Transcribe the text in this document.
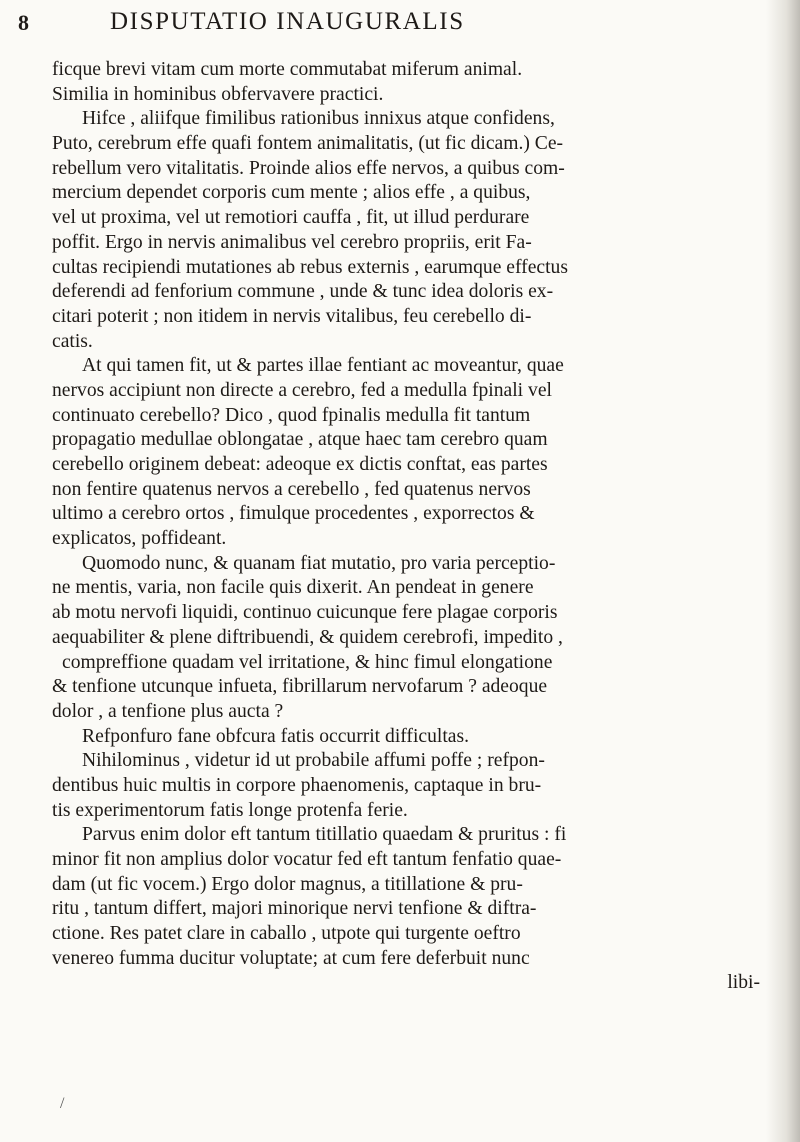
8	DISPUTATIO INAUGURALIS
ficque brevi vitam cum morte commutabat miferum animal.
Similia in hominibus obfervavere practici.
Hifce , aliifque fimilibus rationibus innixus atque confidens,
Puto, cerebrum effe quafi fontem animalitatis, (ut fic dicam.) Ce-
rebellum vero vitalitatis. Proinde alios effe nervos, a quibus com-
mercium dependet corporis cum mente ; alios effe , a quibus,
vel ut proxima, vel ut remotiori cauffa , fit, ut illud perdurare
poffit. Ergo in nervis animalibus vel cerebro propriis, erit Fa-
cultas recipiendi mutationes ab rebus externis , earumque effectus
deferendi ad fenforium commune , unde & tunc idea doloris ex-
citari poterit ; non itidem in nervis vitalibus, feu cerebello di-
catis.
At qui tamen fit, ut & partes illae fentiant ac moveantur, quae
nervos accipiunt non directe a cerebro, fed a medulla fpinali vel
continuato cerebello? Dico , quod fpinalis medulla fit tantum
propagatio medullae oblongatae , atque haec tam cerebro quam
cerebello originem debeat: adeoque ex dictis conftat, eas partes
non fentire quatenus nervos a cerebello , fed quatenus nervos
ultimo a cerebro ortos , fimulque procedentes , exporrectos &
explicatos, poffideant.
Quomodo nunc, & quanam fiat mutatio, pro varia perceptio-
ne mentis, varia, non facile quis dixerit. An pendeat in genere
ab motu nervofi liquidi, continuo cuicunque fere plagae corporis
aequabiliter & plene diftribuendi, & quidem cerebrofi, impedito ,
compreffione quadam vel irritatione, & hinc fimul elongatione
& tenfione utcunque infueta, fibrillarum nervofarum ? adeoque
dolor , a tenfione plus aucta ?
Refponfuro fane obfcura fatis occurrit difficultas.
Nihilominus , videtur id ut probabile affumi poffe ; refpon-
dentibus huic multis in corpore phaenomenis, captaque in bru-
tis experimentorum fatis longe protenfa ferie.
Parvus enim dolor eft tantum titillatio quaedam & pruritus : fi
minor fit non amplius dolor vocatur fed eft tantum fenfatio quae-
dam (ut fic vocem.) Ergo dolor magnus, a titillatione & pru-
ritu , tantum differt, majori minorique nervi tenfione & diftra-
ctione. Res patet clare in caballo , utpote qui turgente oeftro
venereo fumma ducitur voluptate; at cum fere deferbuit nunc
libi-
/
